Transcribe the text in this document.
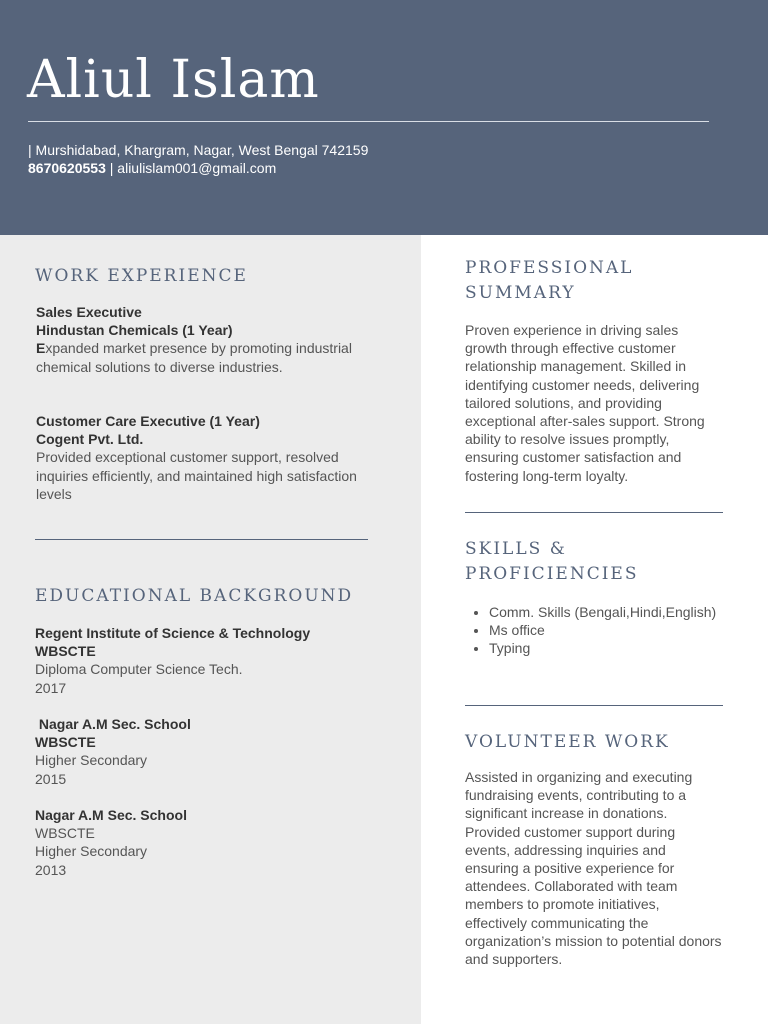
Aliul Islam
| Murshidabad, Khargram, Nagar, West Bengal 742159
8670620553 | aliulislam001@gmail.com
WORK EXPERIENCE
Sales Executive
Hindustan Chemicals (1 Year)
Expanded market presence by promoting industrial chemical solutions to diverse industries.
Customer Care Executive (1 Year)
Cogent Pvt. Ltd.
Provided exceptional customer support, resolved inquiries efficiently, and maintained high satisfaction levels
EDUCATIONAL BACKGROUND
Regent Institute of Science & Technology
WBSCTE
Diploma Computer Science Tech.
2017
Nagar A.M Sec. School
WBSCTE
Higher Secondary
2015
Nagar A.M Sec. School
WBSCTE
Higher Secondary
2013
PROFESSIONAL
SUMMARY

Proven experience in driving sales growth through effective customer relationship management. Skilled in identifying customer needs, delivering tailored solutions, and providing exceptional after-sales support. Strong ability to resolve issues promptly, ensuring customer satisfaction and fostering long-term loyalty.

SKILLS &
PROFICIENCIES
• Comm. Skills (Bengali,Hindi,English)
• Ms office
• Typing
VOLUNTEER WORK

Assisted in organizing and executing fundraising events, contributing to a significant increase in donations. Provided customer support during events, addressing inquiries and ensuring a positive experience for attendees. Collaborated with team members to promote initiatives, effectively communicating the organization’s mission to potential donors and supporters.
